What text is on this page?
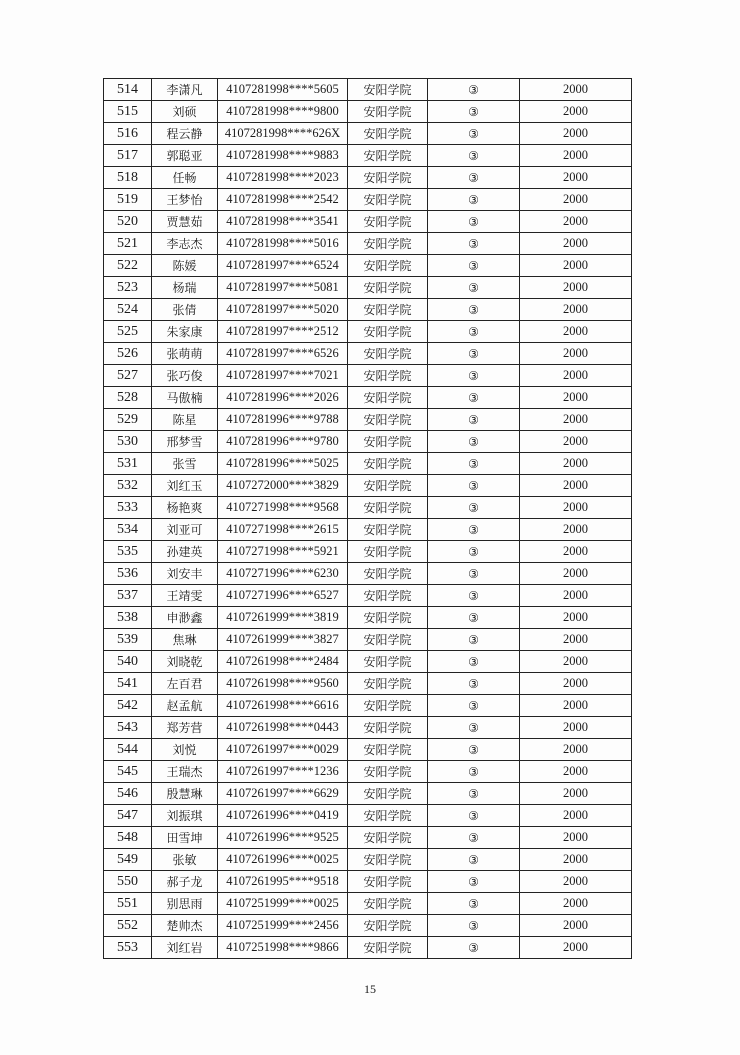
514	李潇凡	4107281998****5605	安阳学院	③	2000
515	刘硕	4107281998****9800	安阳学院	③	2000
516	程云静	4107281998****626X	安阳学院	③	2000
517	郭聪亚	4107281998****9883	安阳学院	③	2000
518	任畅	4107281998****2023	安阳学院	③	2000
519	王梦怡	4107281998****2542	安阳学院	③	2000
520	贾慧茹	4107281998****3541	安阳学院	③	2000
521	李志杰	4107281998****5016	安阳学院	③	2000
522	陈媛	4107281997****6524	安阳学院	③	2000
523	杨瑞	4107281997****5081	安阳学院	③	2000
524	张倩	4107281997****5020	安阳学院	③	2000
525	朱家康	4107281997****2512	安阳学院	③	2000
526	张萌萌	4107281997****6526	安阳学院	③	2000
527	张巧俊	4107281997****7021	安阳学院	③	2000
528	马傲楠	4107281996****2026	安阳学院	③	2000
529	陈星	4107281996****9788	安阳学院	③	2000
530	邢梦雪	4107281996****9780	安阳学院	③	2000
531	张雪	4107281996****5025	安阳学院	③	2000
532	刘红玉	4107272000****3829	安阳学院	③	2000
533	杨艳爽	4107271998****9568	安阳学院	③	2000
534	刘亚可	4107271998****2615	安阳学院	③	2000
535	孙建英	4107271998****5921	安阳学院	③	2000
536	刘安丰	4107271996****6230	安阳学院	③	2000
537	王靖雯	4107271996****6527	安阳学院	③	2000
538	申渺鑫	4107261999****3819	安阳学院	③	2000
539	焦琳	4107261999****3827	安阳学院	③	2000
540	刘晓乾	4107261998****2484	安阳学院	③	2000
541	左百君	4107261998****9560	安阳学院	③	2000
542	赵孟航	4107261998****6616	安阳学院	③	2000
543	郑芳营	4107261998****0443	安阳学院	③	2000
544	刘悦	4107261997****0029	安阳学院	③	2000
545	王瑞杰	4107261997****1236	安阳学院	③	2000
546	殷慧琳	4107261997****6629	安阳学院	③	2000
547	刘振琪	4107261996****0419	安阳学院	③	2000
548	田雪坤	4107261996****9525	安阳学院	③	2000
549	张敏	4107261996****0025	安阳学院	③	2000
550	郝子龙	4107261995****9518	安阳学院	③	2000
551	别思雨	4107251999****0025	安阳学院	③	2000
552	楚帅杰	4107251999****2456	安阳学院	③	2000
553	刘红岩	4107251998****9866	安阳学院	③	2000
15
